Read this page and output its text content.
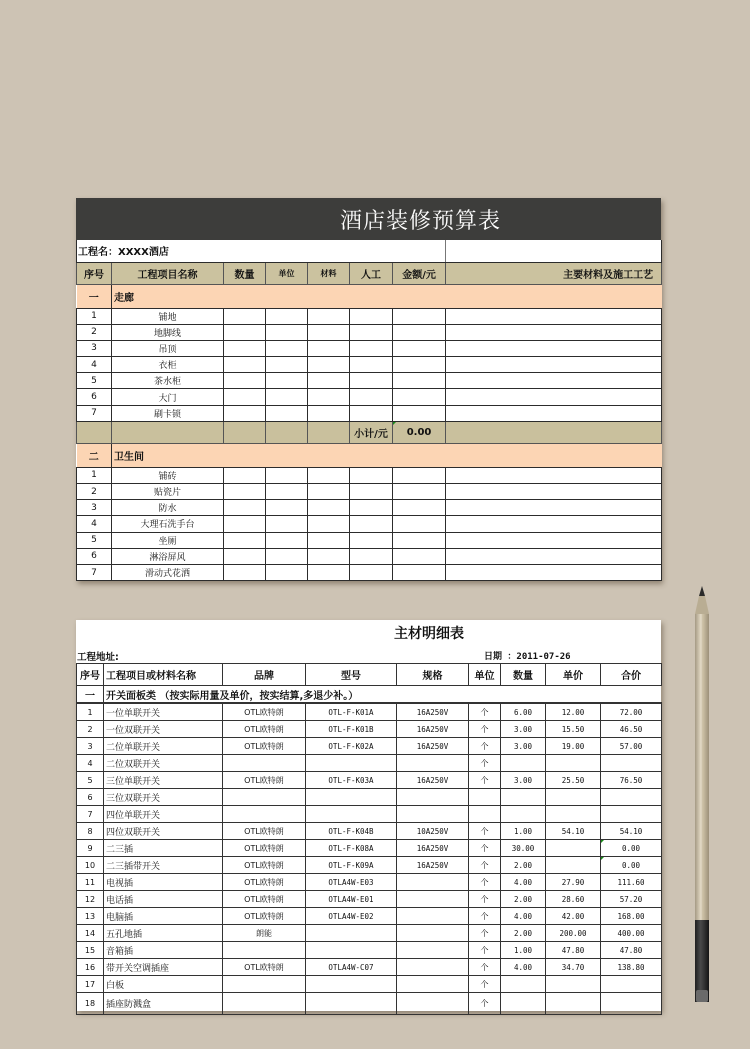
酒店装修预算表
工程名：XXXX酒店							
序号	工程项目名称	数量	单位	材料	人工	金额/元	主要材料及施工工艺
一	走廊						
1	铺地						
2	地脚线						
3	吊顶						
4	衣柜						
5	茶水柜						
6	大门						
7	刷卡锁						
					小计/元	0.00	
二	卫生间						
1	铺砖						
2	贴瓷片						
3	防水						
4	大理石洗手台						
5	坐厕						
6	淋浴屏风						
7	滑动式花洒						
主材明细表
工程地址:	日期 ：2011-07-26
序号	工程项目或材料名称	品牌	型号	规格	单位	数量	单价	合价
一	开关面板类 （按实际用量及单价，按实结算,多退少补。）							
1	一位单联开关	OTL欧特朗	OTL-F-K01A	16A250V	个	6.00	12.00	72.00
2	一位双联开关	OTL欧特朗	OTL-F-K01B	16A250V	个	3.00	15.50	46.50
3	二位单联开关	OTL欧特朗	OTL-F-K02A	16A250V	个	3.00	19.00	57.00
4	二位双联开关				个			
5	三位单联开关	OTL欧特朗	OTL-F-K03A	16A250V	个	3.00	25.50	76.50
6	三位双联开关							
7	四位单联开关							
8	四位双联开关	OTL欧特朗	OTL-F-K04B	10A250V	个	1.00	54.10	54.10
9	二三插	OTL欧特朗	OTL-F-K08A	16A250V	个	30.00		0.00
10	二三插带开关	OTL欧特朗	OTL-F-K09A	16A250V	个	2.00		0.00
11	电视插	OTL欧特朗	OTLA4W-E03		个	4.00	27.90	111.60
12	电话插	OTL欧特朗	OTLA4W-E01		个	2.00	28.60	57.20
13	电脑插	OTL欧特朗	OTLA4W-E02		个	4.00	42.00	168.00
14	五孔地插	朗能			个	2.00	200.00	400.00
15	音箱插				个	1.00	47.80	47.80
16	带开关空调插座	OTL欧特朗	OTLA4W-C07		个	4.00	34.70	138.80
17	白板				个			
18	插座防溅盒				个			
